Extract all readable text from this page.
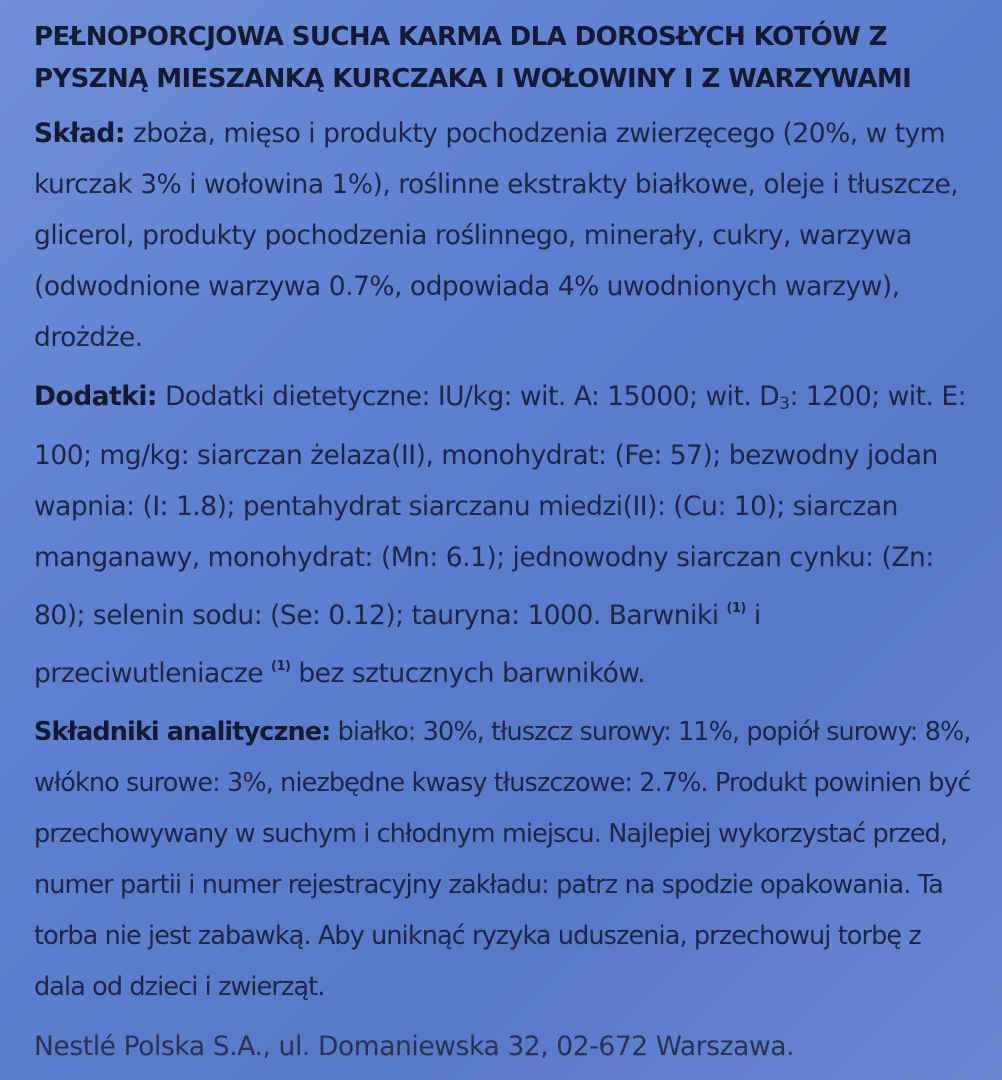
PEŁNOPORCJOWA SUCHA KARMA DLA DOROSŁYCH KOTÓW Z PYSZNĄ MIESZANKĄ KURCZAKA I WOŁOWINY I Z WARZYWAMI
Skład: zboża, mięso i produkty pochodzenia zwierzęcego (20%, w tym kurczak 3% i wołowina 1%), roślinne ekstrakty białkowe, oleje i tłuszcze, glicerol, produkty pochodzenia roślinnego, minerały, cukry, warzywa (odwodnione warzywa 0.7%, odpowiada 4% uwodnionych warzyw), drożdże.
Dodatki: Dodatki dietetyczne: IU/kg: wit. A: 15000; wit. $D_3$: 1200; wit. E: 100; mg/kg: siarczan żelaza(II), monohydrat: (Fe: 57); bezwodny jodan wapnia: (I: 1.8); pentahydrat siarczanu miedzi(II): (Cu: 10); siarczan manganawy, monohydrat: (Mn: 6.1); jednowodny siarczan cynku: (Zn: 80); selenin sodu: (Se: 0.12); tauryna: 1000. Barwniki $^{(1)}$ i przeciwutleniacze $^{(1)}$ bez sztucznych barwników.
Składniki analityczne: białko: 30%, tłuszcz surowy: 11%, popiół surowy: 8%, włókno surowe: 3%, niezbędne kwasy tłuszczowe: 2.7%. Produkt powinien być przechowywany w suchym i chłodnym miejscu. Najlepiej wykorzystać przed, numer partii i numer rejestracyjny zakładu: patrz na spodzie opakowania. Ta torba nie jest zabawką. Aby uniknąć ryzyka uduszenia, przechowuj torbę z dala od dzieci i zwierząt.
Nestlé Polska S.A., ul. Domaniewska 32, 02-672 Warszawa.
